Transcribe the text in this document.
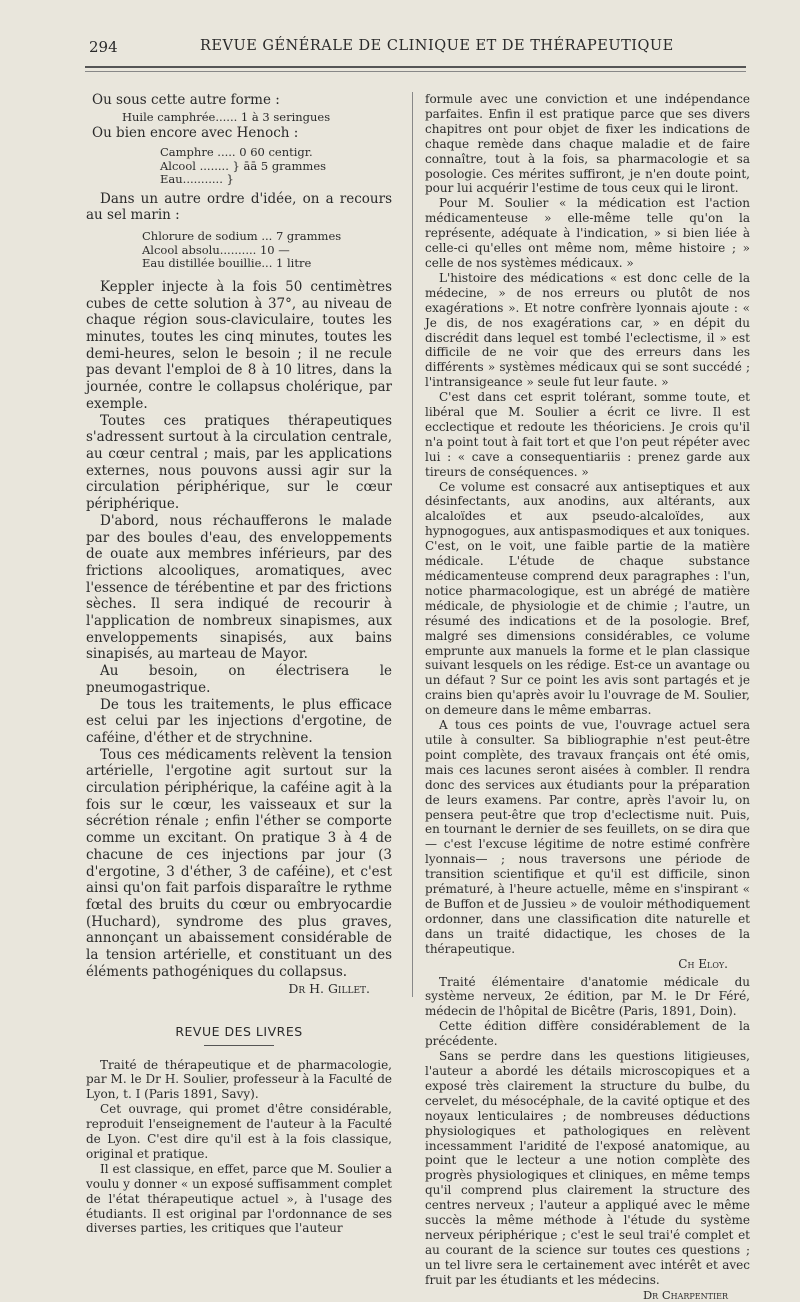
294	REVUE GÉNÉRALE DE CLINIQUE ET DE THÉRAPEUTIQUE

Ou sous cette autre forme :

Huile camphrée...... 1 à 3 seringues

Ou bien encore avec Henoch :

Camphre ..... 0 60 centigr.
Alcool ........ } āā 5 grammes
Eau........... }

Dans un autre ordre d'idée, on a recours au sel marin :

Chlorure de sodium ... 7 grammes
Alcool absolu.......... 10 —
Eau distillée bouillie... 1 litre

Keppler injecte à la fois 50 centimètres cubes de cette solution à 37°, au niveau de chaque région sous-claviculaire, toutes les minutes, toutes les cinq minutes, toutes les demi-heures, selon le besoin ; il ne recule pas devant l'emploi de 8 à 10 litres, dans la journée, contre le collapsus cholérique, par exemple.

Toutes ces pratiques thérapeutiques s'adressent surtout à la circulation centrale, au cœur central ; mais, par les applications externes, nous pouvons aussi agir sur la circulation périphérique, sur le cœur périphérique.

D'abord, nous réchaufferons le malade par des boules d'eau, des enveloppements de ouate aux membres inférieurs, par des frictions alcooliques, aromatiques, avec l'essence de térébentine et par des frictions sèches. Il sera indiqué de recourir à l'application de nombreux sinapismes, aux enveloppements sinapisés, aux bains sinapisés, au marteau de Mayor.

Au besoin, on électrisera le pneumogastrique.

De tous les traitements, le plus efficace est celui par les injections d'ergotine, de caféine, d'éther et de strychnine.

Tous ces médicaments relèvent la tension artérielle, l'ergotine agit surtout sur la circulation périphérique, la caféine agit à la fois sur le cœur, les vaisseaux et sur la sécrétion rénale ; enfin l'éther se comporte comme un excitant. On pratique 3 à 4 de chacune de ces injections par jour (3 d'ergotine, 3 d'éther, 3 de caféine), et c'est ainsi qu'on fait parfois disparaître le rythme fœtal des bruits du cœur ou embryocardie (Huchard), syndrome des plus graves, annonçant un abaissement considérable de la tension artérielle, et constituant un des éléments pathogéniques du collapsus.

Dr H. Gillet.

REVUE DES LIVRES

Traité de thérapeutique et de pharmacologie, par M. le Dr H. Soulier, professeur à la Faculté de Lyon, t. I (Paris 1891, Savy).

Cet ouvrage, qui promet d'être considérable, reproduit l'enseignement de l'auteur à la Faculté de Lyon. C'est dire qu'il est à la fois classique, original et pratique.

Il est classique, en effet, parce que M. Soulier a voulu y donner « un exposé suffisamment complet de l'état thérapeutique actuel », à l'usage des étudiants. Il est original par l'ordonnance de ses diverses parties, les critiques que l'auteur

formule avec une conviction et une indépendance parfaites. Enfin il est pratique parce que ses divers chapitres ont pour objet de fixer les indications de chaque remède dans chaque maladie et de faire connaître, tout à la fois, sa pharmacologie et sa posologie. Ces mérites suffiront, je n'en doute point, pour lui acquérir l'estime de tous ceux qui le liront.

Pour M. Soulier « la médication est l'action médicamenteuse » elle-même telle qu'on la représente, adéquate à l'indication, » si bien liée à celle-ci qu'elles ont même nom, même histoire ; » celle de nos systèmes médicaux. »

L'histoire des médications « est donc celle de la médecine, » de nos erreurs ou plutôt de nos exagérations ». Et notre confrère lyonnais ajoute : « Je dis, de nos exagérations car, » en dépit du discrédit dans lequel est tombé l'eclectisme, il » est difficile de ne voir que des erreurs dans les différents » systèmes médicaux qui se sont succédé ; l'intransigeance » seule fut leur faute. »

C'est dans cet esprit tolérant, somme toute, et libéral que M. Soulier a écrit ce livre. Il est ecclectique et redoute les théoriciens. Je crois qu'il n'a point tout à fait tort et que l'on peut répéter avec lui : « cave a consequentiariis : prenez garde aux tireurs de conséquences. »

Ce volume est consacré aux antiseptiques et aux désinfectants, aux anodins, aux altérants, aux alcaloïdes et aux pseudo-alcaloïdes, aux hypnogogues, aux antispasmodiques et aux toniques. C'est, on le voit, une faible partie de la matière médicale. L'étude de chaque substance médicamenteuse comprend deux paragraphes : l'un, notice pharmacologique, est un abrégé de matière médicale, de physiologie et de chimie ; l'autre, un résumé des indications et de la posologie. Bref, malgré ses dimensions considérables, ce volume emprunte aux manuels la forme et le plan classique suivant lesquels on les rédige. Est-ce un avantage ou un défaut ? Sur ce point les avis sont partagés et je crains bien qu'après avoir lu l'ouvrage de M. Soulier, on demeure dans le même embarras.

A tous ces points de vue, l'ouvrage actuel sera utile à consulter. Sa bibliographie n'est peut-être point complète, des travaux français ont été omis, mais ces lacunes seront aisées à combler. Il rendra donc des services aux étudiants pour la préparation de leurs examens. Par contre, après l'avoir lu, on pensera peut-être que trop d'eclectisme nuit. Puis, en tournant le dernier de ses feuillets, on se dira que — c'est l'excuse légitime de notre estimé confrère lyonnais— ; nous traversons une période de transition scientifique et qu'il est difficile, sinon prématuré, à l'heure actuelle, même en s'inspirant « de Buffon et de Jussieu » de vouloir méthodiquement ordonner, dans une classification dite naturelle et dans un traité didactique, les choses de la thérapeutique.

Ch Eloy.

Traité élémentaire d'anatomie médicale du système nerveux, 2e édition, par M. le Dr Féré, médecin de l'hôpital de Bicêtre (Paris, 1891, Doin).

Cette édition diffère considérablement de la précédente.

Sans se perdre dans les questions litigieuses, l'auteur a abordé les détails microscopiques et a exposé très clairement la structure du bulbe, du cervelet, du mésocéphale, de la cavité optique et des noyaux lenticulaires ; de nombreuses déductions physiologiques et pathologiques en relèvent incessamment l'aridité de l'exposé anatomique, au point que le lecteur a une notion complète des progrès physiologiques et cliniques, en même temps qu'il comprend plus clairement la structure des centres nerveux ; l'auteur a appliqué avec le même succès la même méthode à l'étude du système nerveux périphérique ; c'est le seul trai'é complet et au courant de la science sur toutes ces questions ; un tel livre sera le certainement avec intérêt et avec fruit par les étudiants et les médecins.

Dr Charpentier
